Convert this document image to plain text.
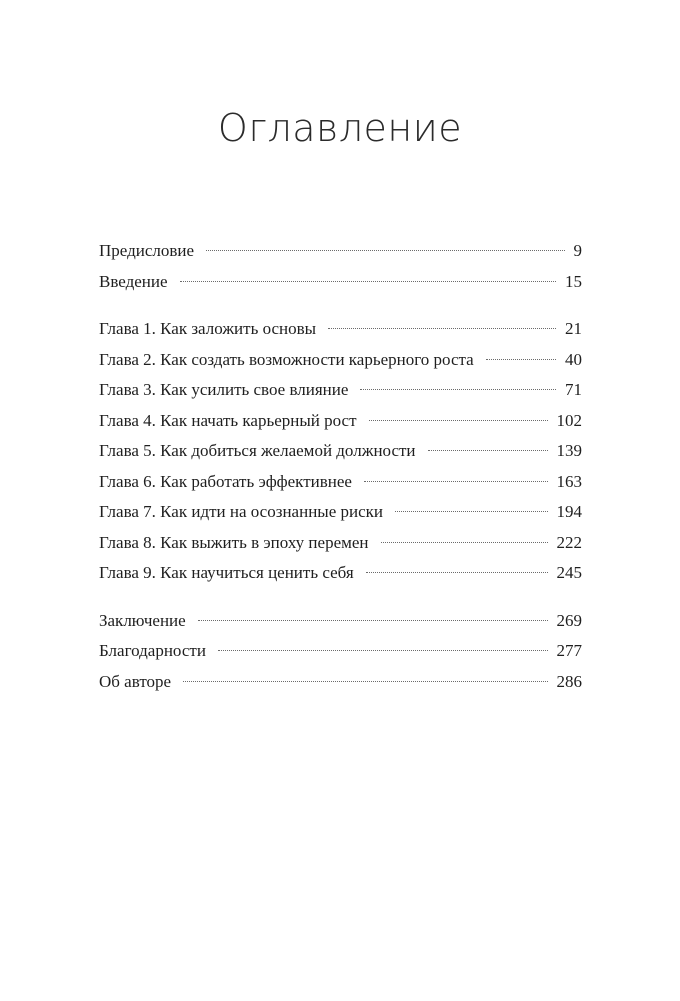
Оглавление
Предисловие	9
Введение	15
Глава 1. Как заложить основы	21
Глава 2. Как создать возможности карьерного роста	40
Глава 3. Как усилить свое влияние	71
Глава 4. Как начать карьерный рост	102
Глава 5. Как добиться желаемой должности	139
Глава 6. Как работать эффективнее	163
Глава 7. Как идти на осознанные риски	194
Глава 8. Как выжить в эпоху перемен	222
Глава 9. Как научиться ценить себя	245
Заключение	269
Благодарности	277
Об авторе	286
